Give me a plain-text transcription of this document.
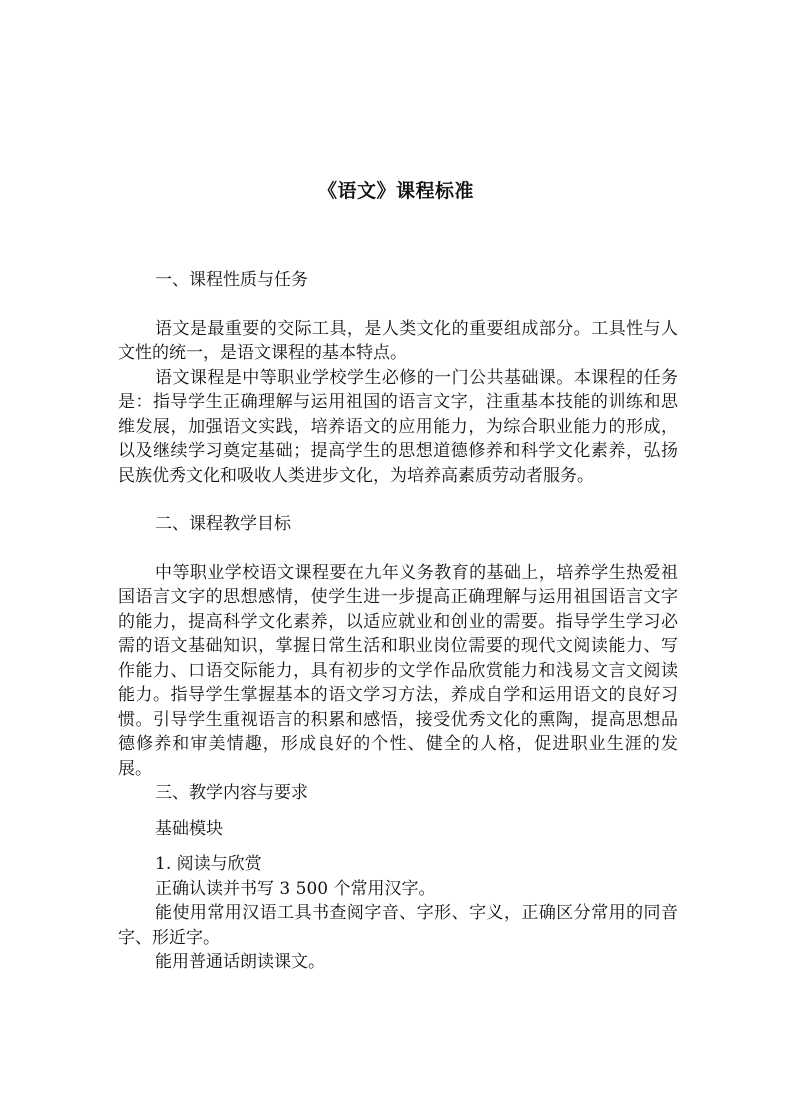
《语文》课程标准

一、课程性质与任务

语文是最重要的交际工具，是人类文化的重要组成部分。工具性与人文性的统一，是语文课程的基本特点。

语文课程是中等职业学校学生必修的一门公共基础课。本课程的任务是：指导学生正确理解与运用祖国的语言文字，注重基本技能的训练和思维发展，加强语文实践，培养语文的应用能力，为综合职业能力的形成，以及继续学习奠定基础；提高学生的思想道德修养和科学文化素养，弘扬民族优秀文化和吸收人类进步文化，为培养高素质劳动者服务。

二、课程教学目标

中等职业学校语文课程要在九年义务教育的基础上，培养学生热爱祖国语言文字的思想感情，使学生进一步提高正确理解与运用祖国语言文字的能力，提高科学文化素养，以适应就业和创业的需要。指导学生学习必需的语文基础知识，掌握日常生活和职业岗位需要的现代文阅读能力、写作能力、口语交际能力，具有初步的文学作品欣赏能力和浅易文言文阅读能力。指导学生掌握基本的语文学习方法，养成自学和运用语文的良好习惯。引导学生重视语言的积累和感悟，接受优秀文化的熏陶，提高思想品德修养和审美情趣，形成良好的个性、健全的人格，促进职业生涯的发展。

三、教学内容与要求

基础模块

1. 阅读与欣赏

正确认读并书写 3 500 个常用汉字。

能使用常用汉语工具书查阅字音、字形、字义，正确区分常用的同音字、形近字。

能用普通话朗读课文。
